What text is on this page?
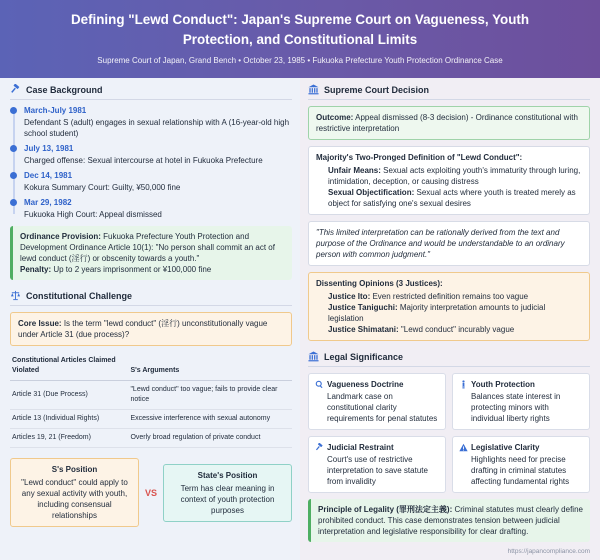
Defining "Lewd Conduct": Japan's Supreme Court on Vagueness, Youth Protection, and Constitutional Limits
Supreme Court of Japan, Grand Bench • October 23, 1985 • Fukuoka Prefecture Youth Protection Ordinance Case
Case Background
March-July 1981
Defendant S (adult) engages in sexual relationship with A (16-year-old high school student)
July 13, 1981
Charged offense: Sexual intercourse at hotel in Fukuoka Prefecture
Dec 14, 1981
Kokura Summary Court: Guilty, ¥50,000 fine
Mar 29, 1982
Fukuoka High Court: Appeal dismissed
Ordinance Provision: Fukuoka Prefecture Youth Protection and Development Ordinance Article 10(1): "No person shall commit an act of lewd conduct (淫行) or obscenity towards a youth."
Penalty: Up to 2 years imprisonment or ¥100,000 fine
Constitutional Challenge
Core Issue: Is the term "lewd conduct" (淫行) unconstitutionally vague under Article 31 (due process)?
Constitutional Articles Claimed Violated	S's Arguments
Article 31 (Due Process)	"Lewd conduct" too vague; fails to provide clear notice
Article 13 (Individual Rights)	Excessive interference with sexual autonomy
Articles 19, 21 (Freedom)	Overly broad regulation of private conduct
S's Position
"Lewd conduct" could apply to any sexual activity with youth, including consensual relationships
VS
State's Position
Term has clear meaning in context of youth protection purposes
Supreme Court Decision
Outcome: Appeal dismissed (8-3 decision) - Ordinance constitutional with restrictive interpretation
Majority's Two-Pronged Definition of "Lewd Conduct":
Unfair Means: Sexual acts exploiting youth's immaturity through luring, intimidation, deception, or causing distress
Sexual Objectification: Sexual acts where youth is treated merely as object for satisfying one's sexual desires
"This limited interpretation can be rationally derived from the text and purpose of the Ordinance and would be understandable to an ordinary person with common judgment."
Dissenting Opinions (3 Justices):
Justice Ito: Even restricted definition remains too vague
Justice Taniguchi: Majority interpretation amounts to judicial legislation
Justice Shimatani: "Lewd conduct" incurably vague
Legal Significance
Vagueness Doctrine
Landmark case on constitutional clarity requirements for penal statutes
Youth Protection
Balances state interest in protecting minors with individual liberty rights
Judicial Restraint
Court's use of restrictive interpretation to save statute from invalidity
Legislative Clarity
Highlights need for precise drafting in criminal statutes affecting fundamental rights
Principle of Legality (罪刑法定主義): Criminal statutes must clearly define prohibited conduct. This case demonstrates tension between judicial interpretation and legislative responsibility for clear drafting.
https://japancompliance.com
